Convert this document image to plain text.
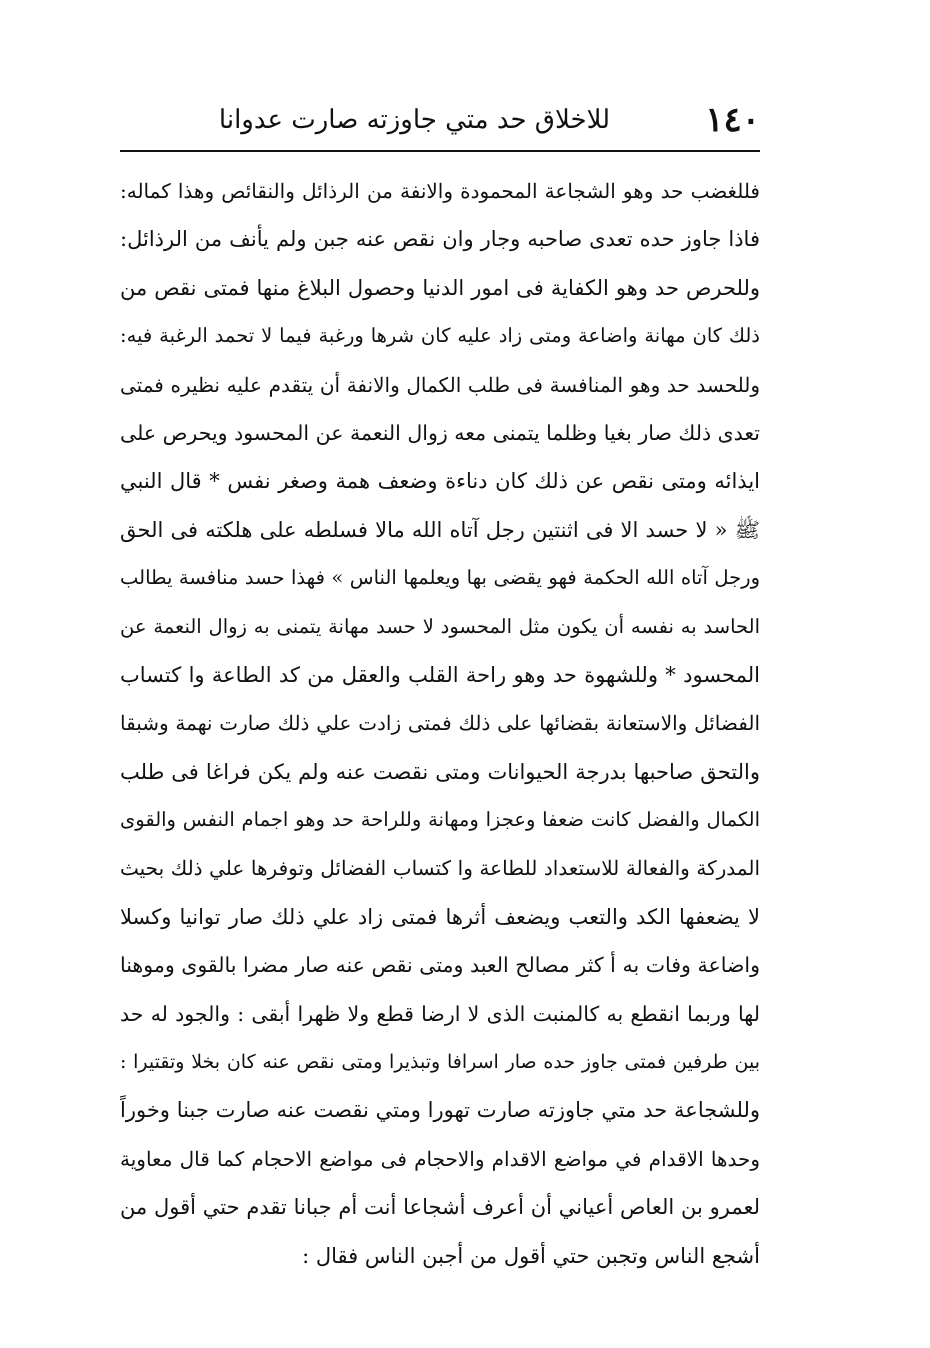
١٤٠
للاخلاق حد متي جاوزته صارت عدوانا
فللغضب حد وهو الشجاعة المحمودة والانفة من الرذائل والنقائص وهذا كماله:
فاذا جاوز حده تعدى صاحبه وجار وان نقص عنه جبن ولم يأنف من الرذائل:
وللحرص حد وهو الكفاية فى امور الدنيا وحصول البلاغ منها فمتى نقص من
ذلك كان مهانة واضاعة ومتى زاد عليه كان شرها ورغبة فيما لا تحمد الرغبة فيه:
وللحسد حد وهو المنافسة فى طلب الكمال والانفة أن يتقدم عليه نظيره فمتى
تعدى ذلك صار بغيا وظلما يتمنى معه زوال النعمة عن المحسود ويحرص على
ايذائه ومتى نقص عن ذلك كان دناءة وضعف همة وصغر نفس * قال النبي
ﷺ « لا حسد الا فى اثنتين رجل آتاه الله مالا فسلطه على هلكته فى الحق
ورجل آتاه الله الحكمة فهو يقضى بها ويعلمها الناس » فهذا حسد منافسة يطالب
الحاسد به نفسه أن يكون مثل المحسود لا حسد مهانة يتمنى به زوال النعمة عن
المحسود * وللشهوة حد وهو راحة القلب والعقل من كد الطاعة وا كتساب
الفضائل والاستعانة بقضائها على ذلك فمتى زادت علي ذلك صارت نهمة وشبقا
والتحق صاحبها بدرجة الحيوانات ومتى نقصت عنه ولم يكن فراغا فى طلب
الكمال والفضل كانت ضعفا وعجزا ومهانة وللراحة حد وهو اجمام النفس والقوى
المدركة والفعالة للاستعداد للطاعة وا كتساب الفضائل وتوفرها علي ذلك بحيث
لا يضعفها الكد والتعب ويضعف أثرها فمتى زاد علي ذلك صار توانيا وكسلا
واضاعة وفات به أ كثر مصالح العبد ومتى نقص عنه صار مضرا بالقوى وموهنا
لها وربما انقطع به كالمنبت الذى لا ارضا قطع ولا ظهرا أبقى : والجود له حد
بين طرفين فمتى جاوز حده صار اسرافا وتبذيرا ومتى نقص عنه كان بخلا وتقتيرا :
وللشجاعة حد متي جاوزته صارت تهورا ومتي نقصت عنه صارت جبنا وخوراً
وحدها الاقدام في مواضع الاقدام والاحجام فى مواضع الاحجام كما قال معاوية
لعمرو بن العاص أعياني أن أعرف أشجاعا أنت أم جبانا تقدم حتي أقول من
أشجع الناس وتجبن حتي أقول من أجبن الناس فقال :
